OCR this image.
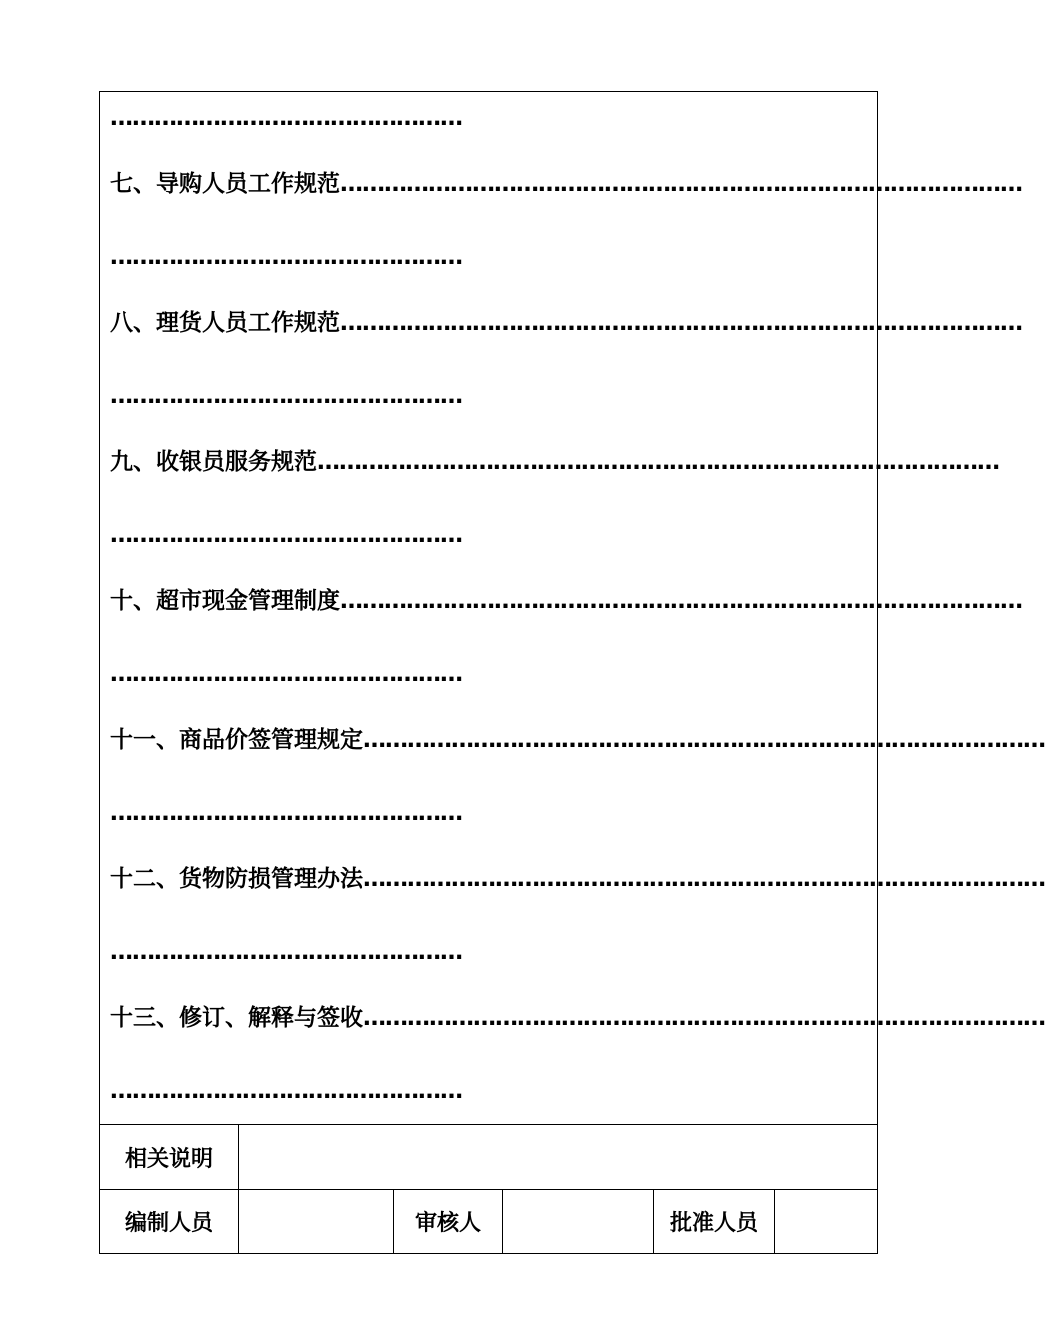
…………………………………………
七、导购人员工作规范…………………………………………………………………………………
…………………………………………
八、理货人员工作规范…………………………………………………………………………………
…………………………………………
九、收银员服务规范…………………………………………………………………………………
…………………………………………
十、超市现金管理制度…………………………………………………………………………………
…………………………………………
十一、商品价签管理规定…………………………………………………………………………………
…………………………………………
十二、货物防损管理办法…………………………………………………………………………………
…………………………………………
十三、修订、解释与签收…………………………………………………………………………………
…………………………………………
相关说明
编制人员	审核人	批准人员
